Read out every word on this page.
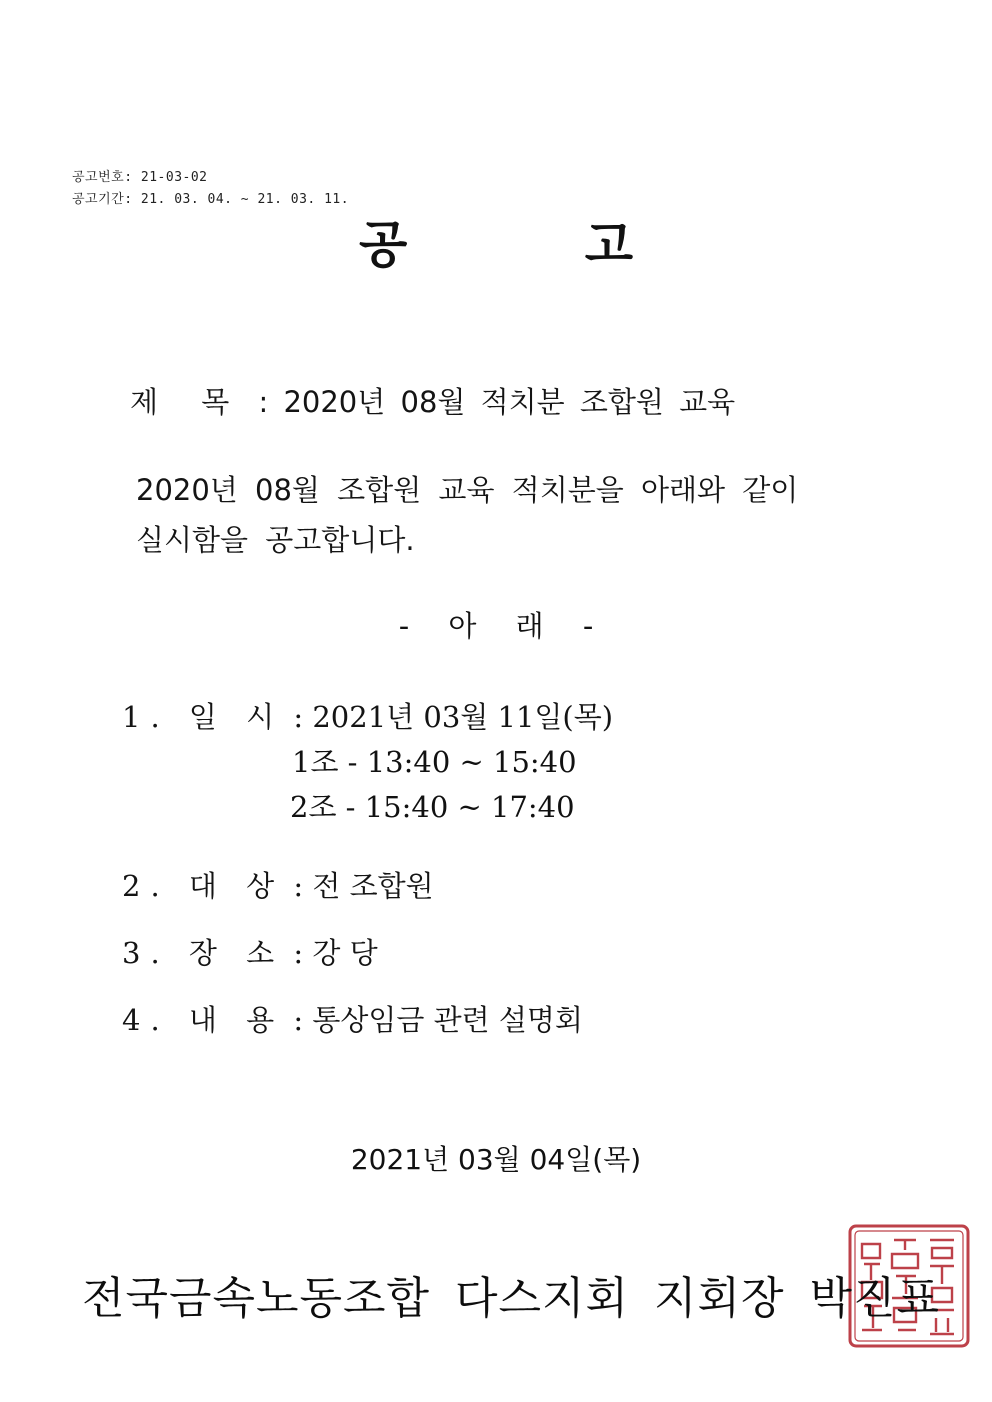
공고번호: 21-03-02
공고기간: 21. 03. 04. ~ 21. 03. 11.
공 고
제 목 : 2020년 08월 적치분 조합원 교육
2020년 08월 조합원 교육 적치분을 아래와 같이
실시함을 공고합니다.
- 아 래 -
1. 일 시 : 2021년 03월 11일(목)
1조 - 13:40 ~ 15:40
2조 - 15:40 ~ 17:40
2. 대 상 : 전 조합원
3. 장 소 : 강 당
4. 내 용 : 통상임금 관련 설명회
2021년 03월 04일(목)
전국금속노동조합 다스지회 지회장 박진표
